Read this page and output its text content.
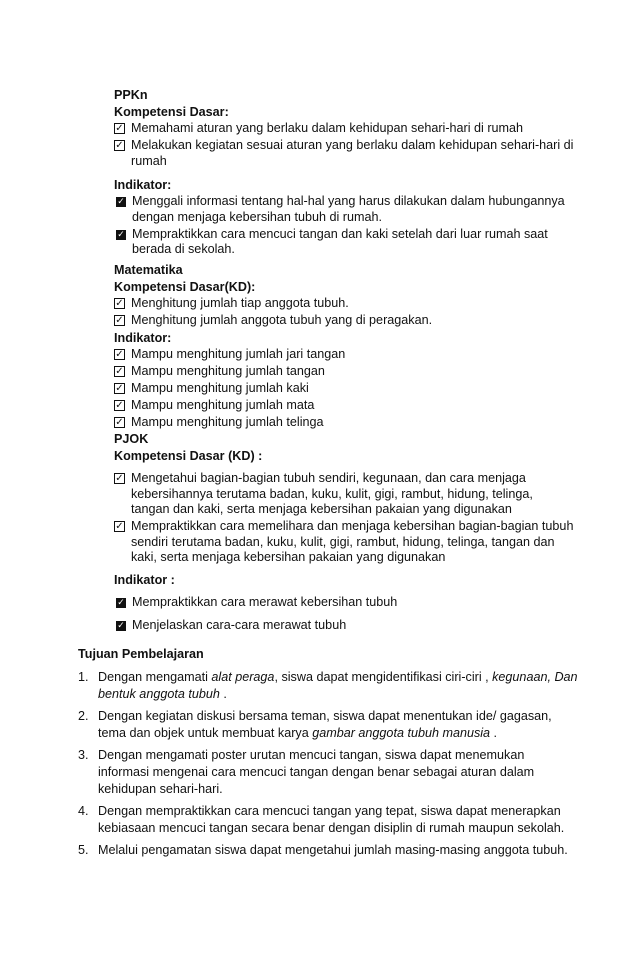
PPKn
Kompetensi Dasar:
✓ Memahami aturan yang berlaku dalam kehidupan sehari-hari di rumah
✓ Melakukan kegiatan sesuai aturan yang berlaku dalam kehidupan sehari-hari di rumah
Indikator:
✓ Menggali informasi tentang hal-hal yang harus dilakukan dalam hubungannya dengan menjaga kebersihan tubuh di rumah.
✓ Mempraktikkan cara mencuci tangan dan kaki setelah dari luar rumah saat berada di sekolah.
Matematika
Kompetensi Dasar(KD):
✓ Menghitung jumlah tiap anggota tubuh.
✓ Menghitung jumlah anggota tubuh yang di peragakan.
Indikator:
✓ Mampu menghitung jumlah jari tangan
✓ Mampu menghitung jumlah tangan
✓ Mampu menghitung jumlah kaki
✓ Mampu menghitung jumlah mata
✓ Mampu menghitung jumlah telinga
PJOK
Kompetensi Dasar (KD) :
✓ Mengetahui bagian-bagian tubuh sendiri, kegunaan, dan cara menjaga kebersihannya terutama badan, kuku, kulit, gigi, rambut, hidung, telinga, tangan dan kaki, serta menjaga kebersihan pakaian yang digunakan
✓ Mempraktikkan cara memelihara dan menjaga kebersihan bagian-bagian tubuh sendiri terutama badan, kuku, kulit, gigi, rambut, hidung, telinga, tangan dan kaki, serta menjaga kebersihan pakaian yang digunakan
Indikator :
✓ Mempraktikkan cara merawat kebersihan tubuh
✓ Menjelaskan cara-cara merawat tubuh
Tujuan Pembelajaran
1. Dengan mengamati alat peraga, siswa dapat mengidentifikasi ciri-ciri , kegunaan, Dan bentuk anggota tubuh .
2. Dengan kegiatan diskusi bersama teman, siswa dapat menentukan ide/ gagasan, tema dan objek untuk membuat karya gambar anggota tubuh manusia .
3. Dengan mengamati poster urutan mencuci tangan, siswa dapat menemukan informasi mengenai cara mencuci tangan dengan benar sebagai aturan dalam kehidupan sehari-hari.
4. Dengan mempraktikkan cara mencuci tangan yang tepat, siswa dapat menerapkan kebiasaan mencuci tangan secara benar dengan disiplin di rumah maupun sekolah.
5. Melalui pengamatan siswa dapat mengetahui jumlah masing-masing anggota tubuh.
